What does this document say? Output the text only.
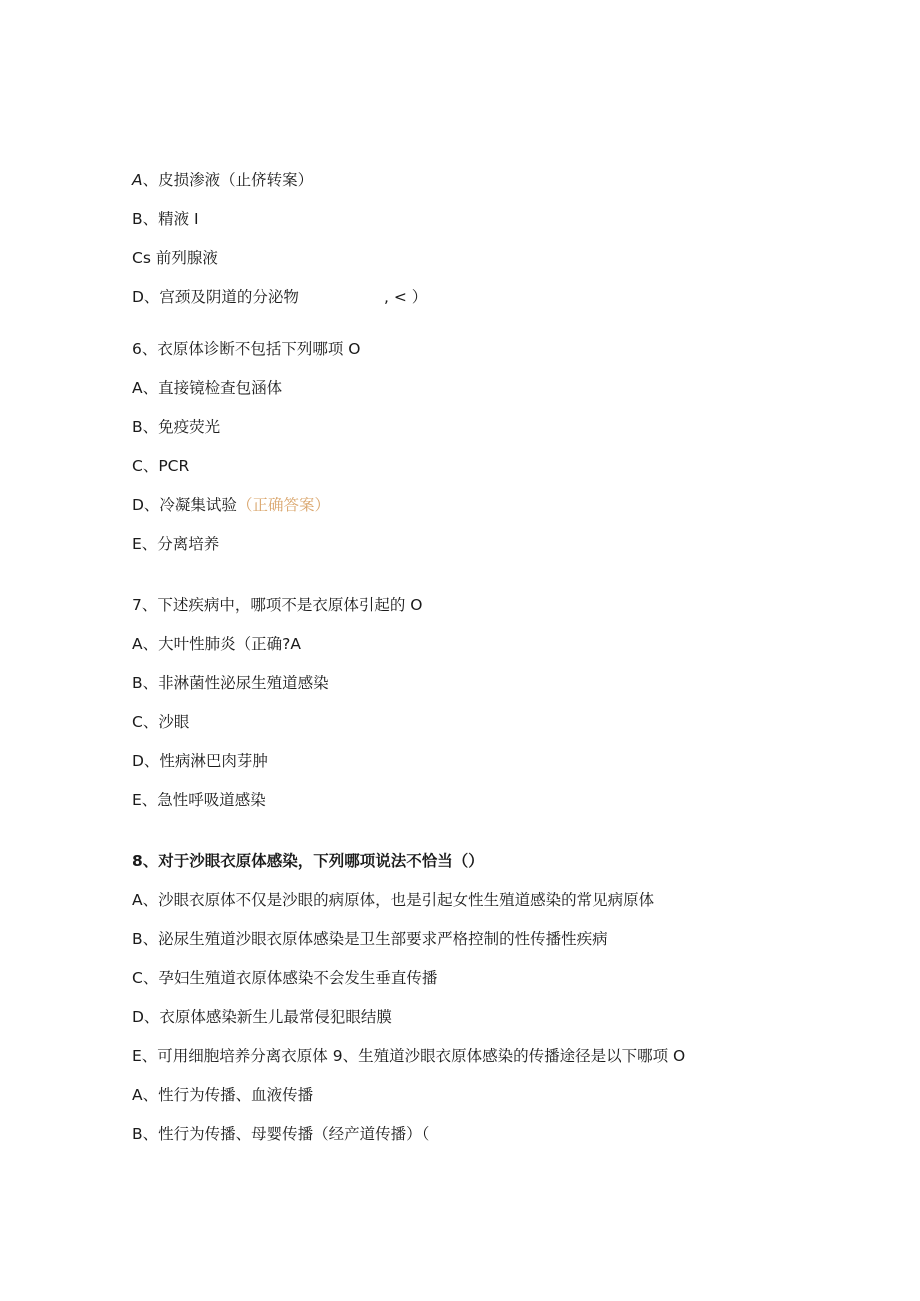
A、皮损渗液（止侪转案）
B、精液 I
Cs 前列腺液
D、宫颈及阴道的分泌物	, < ）
6、衣原体诊断不包括下列哪项 O
A、直接镜检查包涵体
B、免疫荧光
C、PCR
D、冷凝集试验（正确答案）
E、分离培养
7、下述疾病中，哪项不是衣原体引起的 O
A、大叶性肺炎（正确?A
B、非淋菌性泌尿生殖道感染
C、沙眼
D、性病淋巴肉芽肿
E、急性呼吸道感染
8、对于沙眼衣原体感染，下列哪项说法不恰当（）
A、沙眼衣原体不仅是沙眼的病原体，也是引起女性生殖道感染的常见病原体
B、泌尿生殖道沙眼衣原体感染是卫生部要求严格控制的性传播性疾病
C、孕妇生殖道衣原体感染不会发生垂直传播
D、衣原体感染新生儿最常侵犯眼结膜
E、可用细胞培养分离衣原体 9、生殖道沙眼衣原体感染的传播途径是以下哪项 O
A、性行为传播、血液传播
B、性行为传播、母婴传播（经产道传播）（
